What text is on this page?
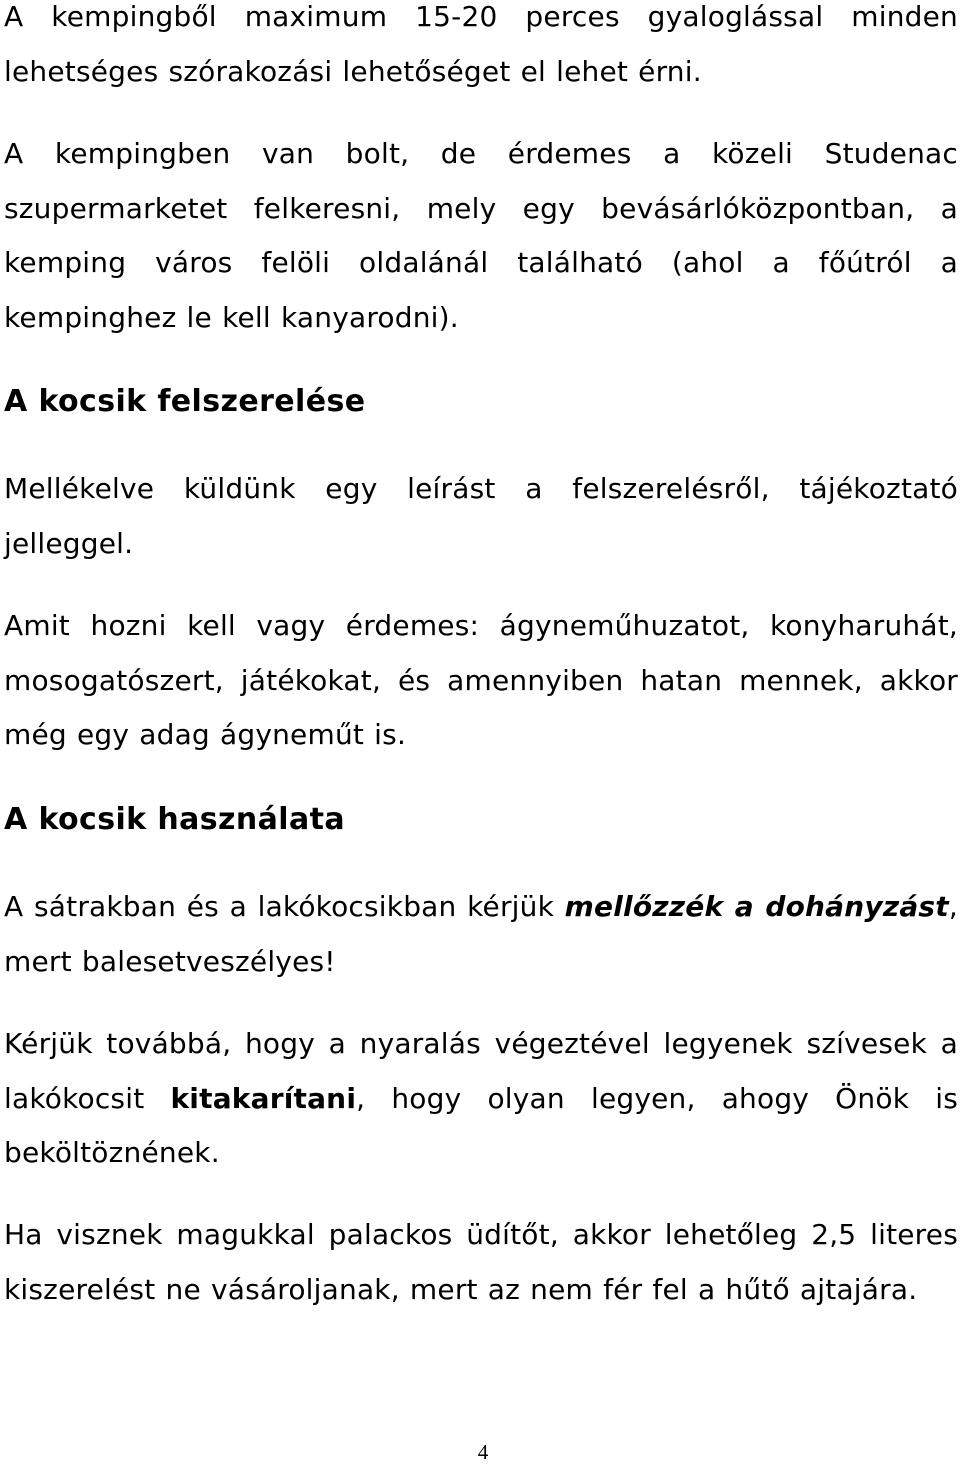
A kempingből maximum 15-20 perces gyaloglással minden lehetséges szórakozási lehetőséget el lehet érni.

A kempingben van bolt, de érdemes a közeli Studenac szupermarketet felkeresni, mely egy bevásárlóközpontban, a kemping város felöli oldalánál található (ahol a főútról a kempinghez le kell kanyarodni).

A kocsik felszerelése

Mellékelve küldünk egy leírást a felszerelésről, tájékoztató jelleggel.

Amit hozni kell vagy érdemes: ágyneműhuzatot, konyharuhát, mosogatószert, játékokat, és amennyiben hatan mennek, akkor még egy adag ágyneműt is.

A kocsik használata

A sátrakban és a lakókocsikban kérjük mellőzzék a dohányzást, mert balesetveszélyes!

Kérjük továbbá, hogy a nyaralás végeztével legyenek szívesek a lakókocsit kitakarítani, hogy olyan legyen, ahogy Önök is beköltöznének.

Ha visznek magukkal palackos üdítőt, akkor lehetőleg 2,5 literes kiszerelést ne vásároljanak, mert az nem fér fel a hűtő ajtajára.

4
